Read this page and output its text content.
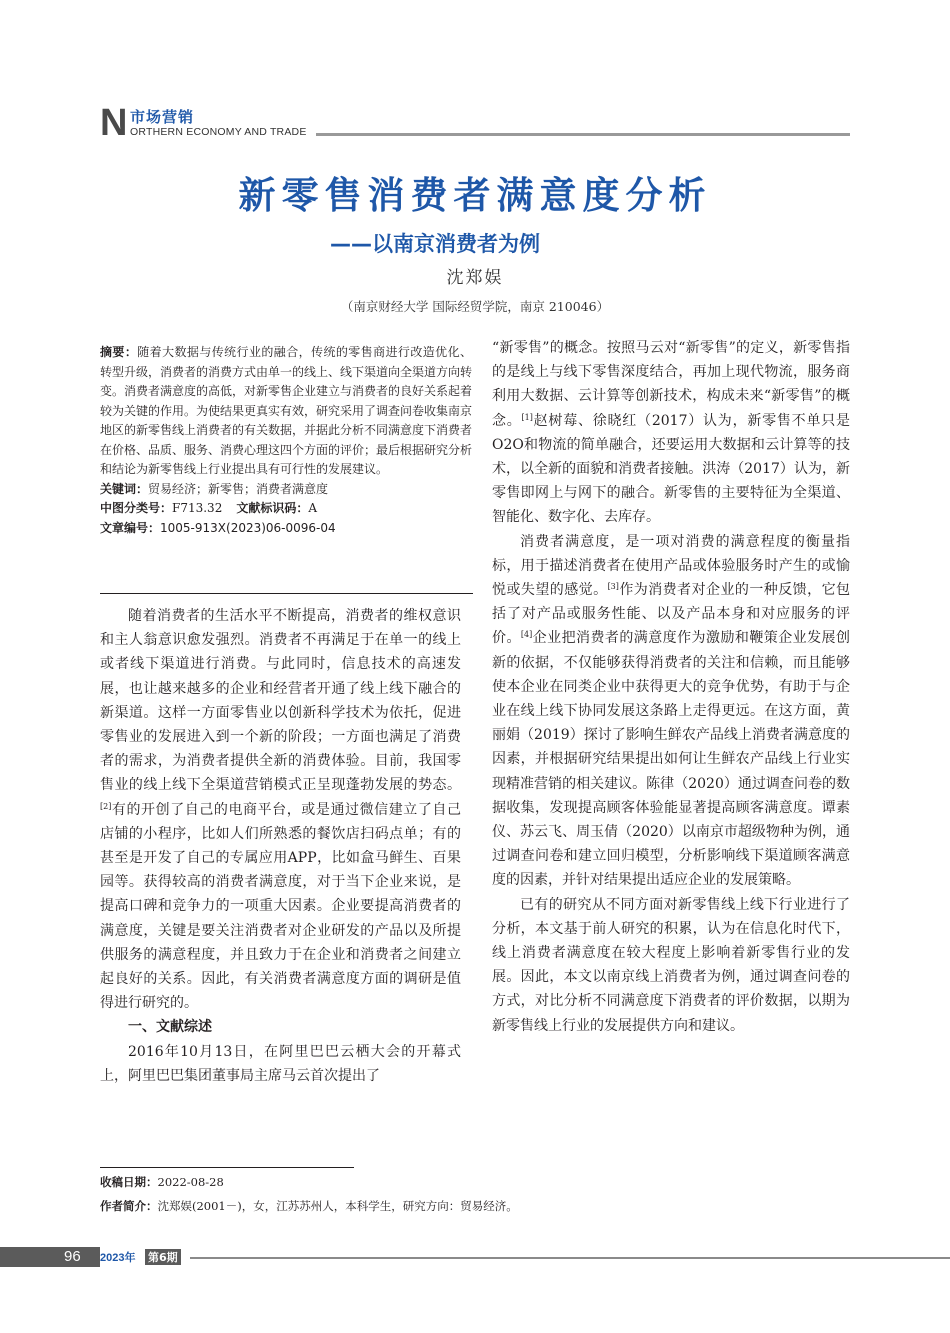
N 市场营销
ORTHERN ECONOMY AND TRADE
新零售消费者满意度分析
——以南京消费者为例
沈郑娱
（南京财经大学 国际经贸学院，南京 210046）
摘要：随着大数据与传统行业的融合，传统的零售商进行改造优化、转型升级，消费者的消费方式由单一的线上、线下渠道向全渠道方向转变。消费者满意度的高低，对新零售企业建立与消费者的良好关系起着较为关键的作用。为使结果更真实有效，研究采用了调查问卷收集南京地区的新零售线上消费者的有关数据，并据此分析不同满意度下消费者在价格、品质、服务、消费心理这四个方面的评价；最后根据研究分析和结论为新零售线上行业提出具有可行性的发展建议。
关键词：贸易经济；新零售；消费者满意度
中图分类号：F713.32 文献标识码：A
文章编号：1005-913X(2023)06-0096-04

随着消费者的生活水平不断提高，消费者的维权意识和主人翁意识愈发强烈。消费者不再满足于在单一的线上或者线下渠道进行消费。与此同时，信息技术的高速发展，也让越来越多的企业和经营者开通了线上线下融合的新渠道。这样一方面零售业以创新科学技术为依托，促进零售业的发展进入到一个新的阶段；一方面也满足了消费者的需求，为消费者提供全新的消费体验。目前，我国零售业的线上线下全渠道营销模式正呈现蓬勃发展的势态。[2]有的开创了自己的电商平台，或是通过微信建立了自己店铺的小程序，比如人们所熟悉的餐饮店扫码点单；有的甚至是开发了自己的专属应用APP，比如盒马鲜生、百果园等。获得较高的消费者满意度，对于当下企业来说，是提高口碑和竞争力的一项重大因素。企业要提高消费者的满意度，关键是要关注消费者对企业研发的产品以及所提供服务的满意程度，并且致力于在企业和消费者之间建立起良好的关系。因此，有关消费者满意度方面的调研是值得进行研究的。

一、文献综述

2016年10月13日，在阿里巴巴云栖大会的开幕式上，阿里巴巴集团董事局主席马云首次提出了

“新零售”的概念。按照马云对“新零售”的定义，新零售指的是线上与线下零售深度结合，再加上现代物流，服务商利用大数据、云计算等创新技术，构成未来“新零售”的概念。[1]赵树莓、徐晓红（2017）认为，新零售不单只是O2O和物流的简单融合，还要运用大数据和云计算等的技术，以全新的面貌和消费者接触。洪涛（2017）认为，新零售即网上与网下的融合。新零售的主要特征为全渠道、智能化、数字化、去库存。

消费者满意度，是一项对消费的满意程度的衡量指标，用于描述消费者在使用产品或体验服务时产生的或愉悦或失望的感觉。[3]作为消费者对企业的一种反馈，它包括了对产品或服务性能、以及产品本身和对应服务的评价。[4]企业把消费者的满意度作为激励和鞭策企业发展创新的依据，不仅能够获得消费者的关注和信赖，而且能够使本企业在同类企业中获得更大的竞争优势，有助于与企业在线上线下协同发展这条路上走得更远。在这方面，黄丽娟（2019）探讨了影响生鲜农产品线上消费者满意度的因素，并根据研究结果提出如何让生鲜农产品线上行业实现精准营销的相关建议。陈律（2020）通过调查问卷的数据收集，发现提高顾客体验能显著提高顾客满意度。谭素仪、苏云飞、周玉倩（2020）以南京市超级物种为例，通过调查问卷和建立回归模型，分析影响线下渠道顾客满意度的因素，并针对结果提出适应企业的发展策略。

已有的研究从不同方面对新零售线上线下行业进行了分析，本文基于前人研究的积累，认为在信息化时代下，线上消费者满意度在较大程度上影响着新零售行业的发展。因此，本文以南京线上消费者为例，通过调查问卷的方式，对比分析不同满意度下消费者的评价数据，以期为新零售线上行业的发展提供方向和建议。

收稿日期：2022-08-28
作者简介：沈郑娱(2001－)，女，江苏苏州人，本科学生，研究方向：贸易经济。
96 2023年 第6期
